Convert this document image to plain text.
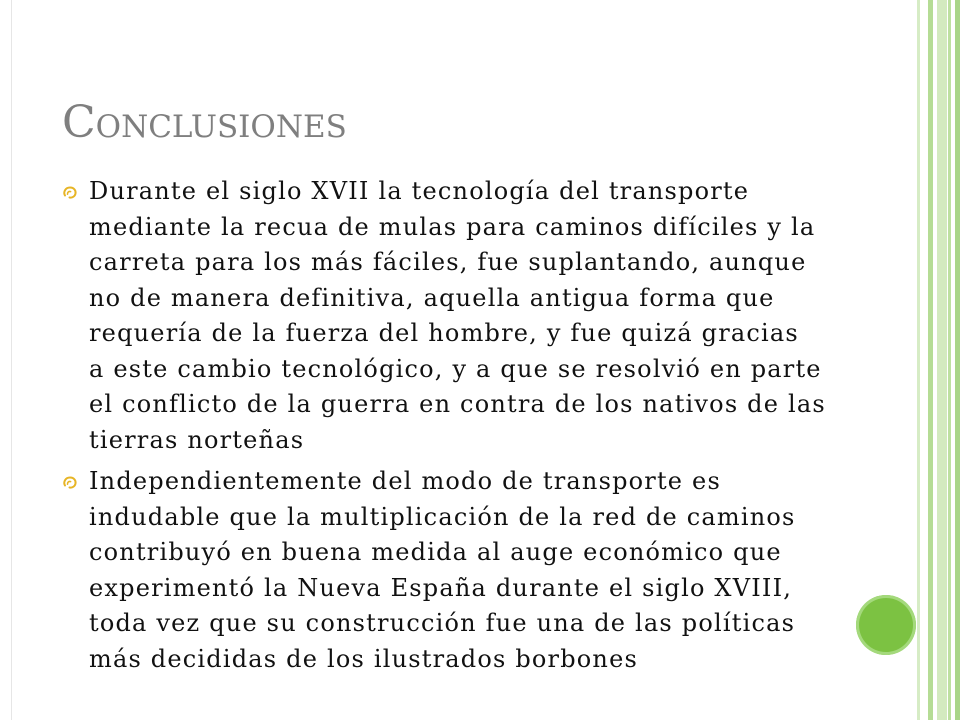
Conclusiones
Durante el siglo XVII la tecnología del transporte
mediante la recua de mulas para caminos difíciles y la
carreta para los más fáciles, fue suplantando, aunque
no de manera definitiva, aquella antigua forma que
requería de la fuerza del hombre, y fue quizá gracias
a este cambio tecnológico, y a que se resolvió en parte
el conflicto de la guerra en contra de los nativos de las
tierras norteñas
Independientemente del modo de transporte es
indudable que la multiplicación de la red de caminos
contribuyó en buena medida al auge económico que
experimentó la Nueva España durante el siglo XVIII,
toda vez que su construcción fue una de las políticas
más decididas de los ilustrados borbones
